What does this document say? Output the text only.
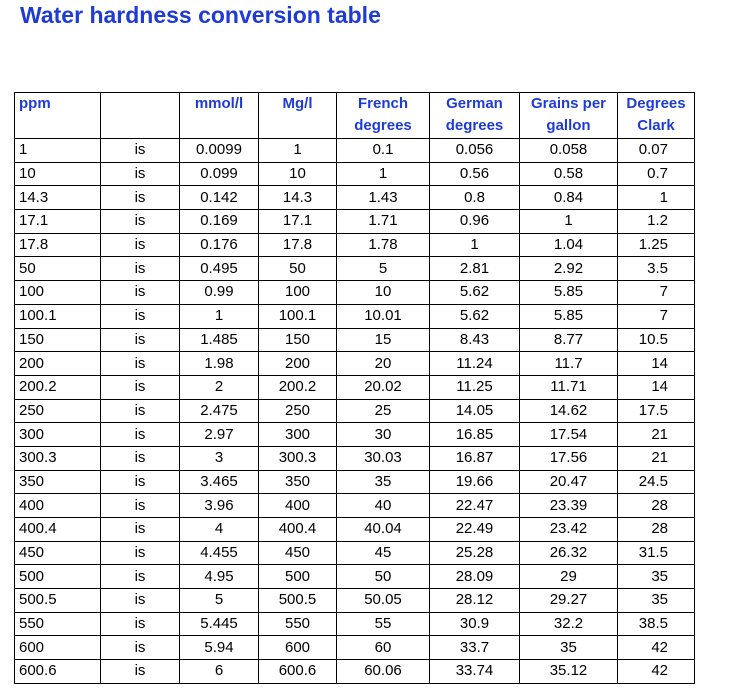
Water hardness conversion table
ppm		mmol/l	Mg/l	French degrees	German degrees	Grains per gallon	Degrees Clark
1	is	0.0099	1	0.1	0.056	0.058	0.07
10	is	0.099	10	1	0.56	0.58	0.7
14.3	is	0.142	14.3	1.43	0.8	0.84	1
17.1	is	0.169	17.1	1.71	0.96	1	1.2
17.8	is	0.176	17.8	1.78	1	1.04	1.25
50	is	0.495	50	5	2.81	2.92	3.5
100	is	0.99	100	10	5.62	5.85	7
100.1	is	1	100.1	10.01	5.62	5.85	7
150	is	1.485	150	15	8.43	8.77	10.5
200	is	1.98	200	20	11.24	11.7	14
200.2	is	2	200.2	20.02	11.25	11.71	14
250	is	2.475	250	25	14.05	14.62	17.5
300	is	2.97	300	30	16.85	17.54	21
300.3	is	3	300.3	30.03	16.87	17.56	21
350	is	3.465	350	35	19.66	20.47	24.5
400	is	3.96	400	40	22.47	23.39	28
400.4	is	4	400.4	40.04	22.49	23.42	28
450	is	4.455	450	45	25.28	26.32	31.5
500	is	4.95	500	50	28.09	29	35
500.5	is	5	500.5	50.05	28.12	29.27	35
550	is	5.445	550	55	30.9	32.2	38.5
600	is	5.94	600	60	33.7	35	42
600.6	is	6	600.6	60.06	33.74	35.12	42
